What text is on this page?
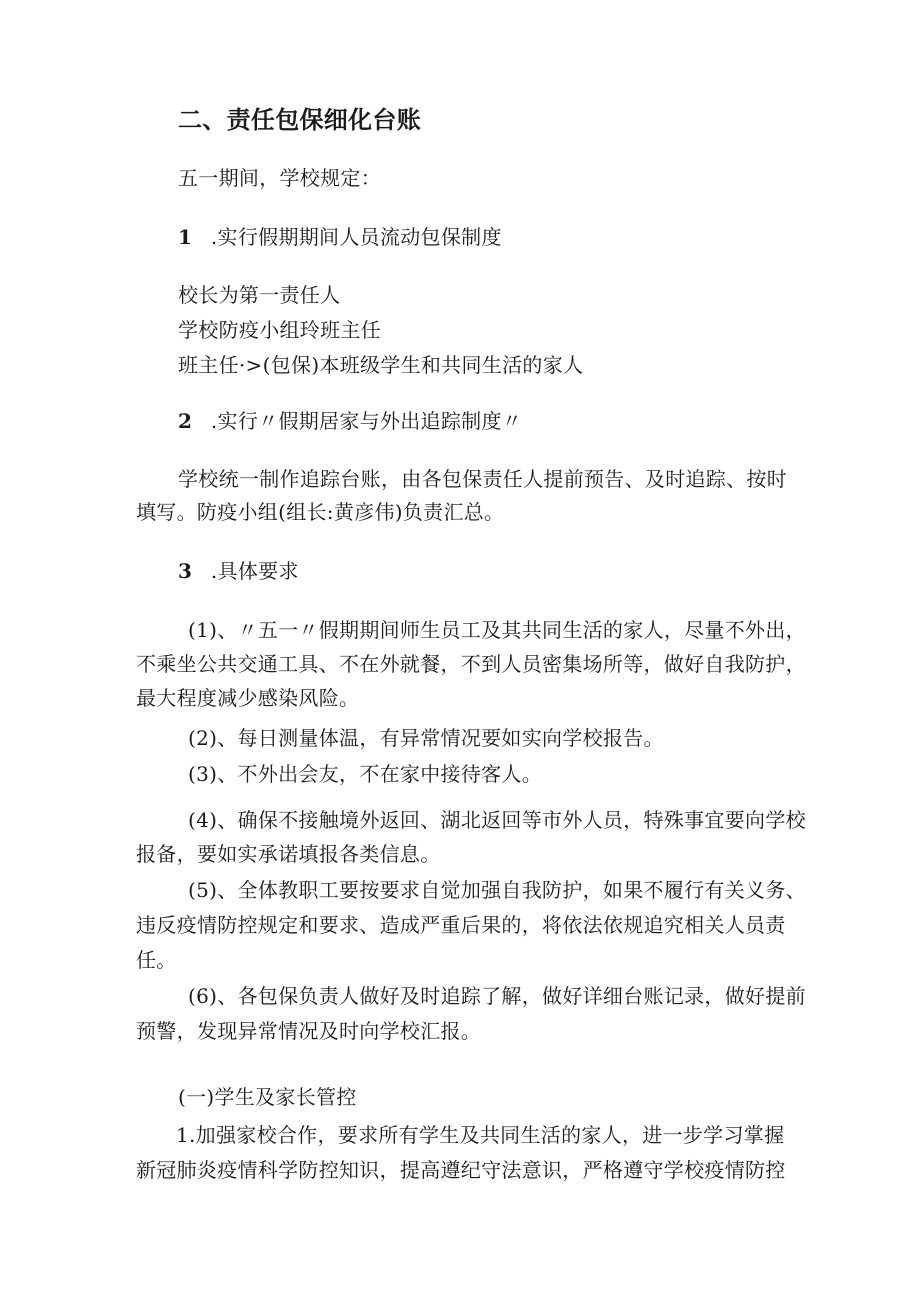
二、责任包保细化台账
五一期间，学校规定：
1 .实行假期期间人员流动包保制度
校长为第一责任人
学校防疫小组玲班主任
班主任·>(包保)本班级学生和共同生活的家人
2 .实行〃假期居家与外出追踪制度〃
学校统一制作追踪台账，由各包保责任人提前预告、及时追踪、按时
填写。防疫小组(组长:黄彦伟)负责汇总。
3 .具体要求
(1)、〃五一〃假期期间师生员工及其共同生活的家人，尽量不外出，
不乘坐公共交通工具、不在外就餐，不到人员密集场所等，做好自我防护，
最大程度减少感染风险。
(2)、每日测量体温，有异常情况要如实向学校报告。
(3)、不外出会友，不在家中接待客人。
(4)、确保不接触境外返回、湖北返回等市外人员，特殊事宜要向学校
报备，要如实承诺填报各类信息。
(5)、全体教职工要按要求自觉加强自我防护，如果不履行有关义务、
违反疫情防控规定和要求、造成严重后果的，将依法依规追究相关人员责
任。
(6)、各包保负责人做好及时追踪了解，做好详细台账记录，做好提前
预警，发现异常情况及时向学校汇报。
(一)学生及家长管控
1.加强家校合作，要求所有学生及共同生活的家人，进一步学习掌握
新冠肺炎疫情科学防控知识，提高遵纪守法意识，严格遵守学校疫情防控
